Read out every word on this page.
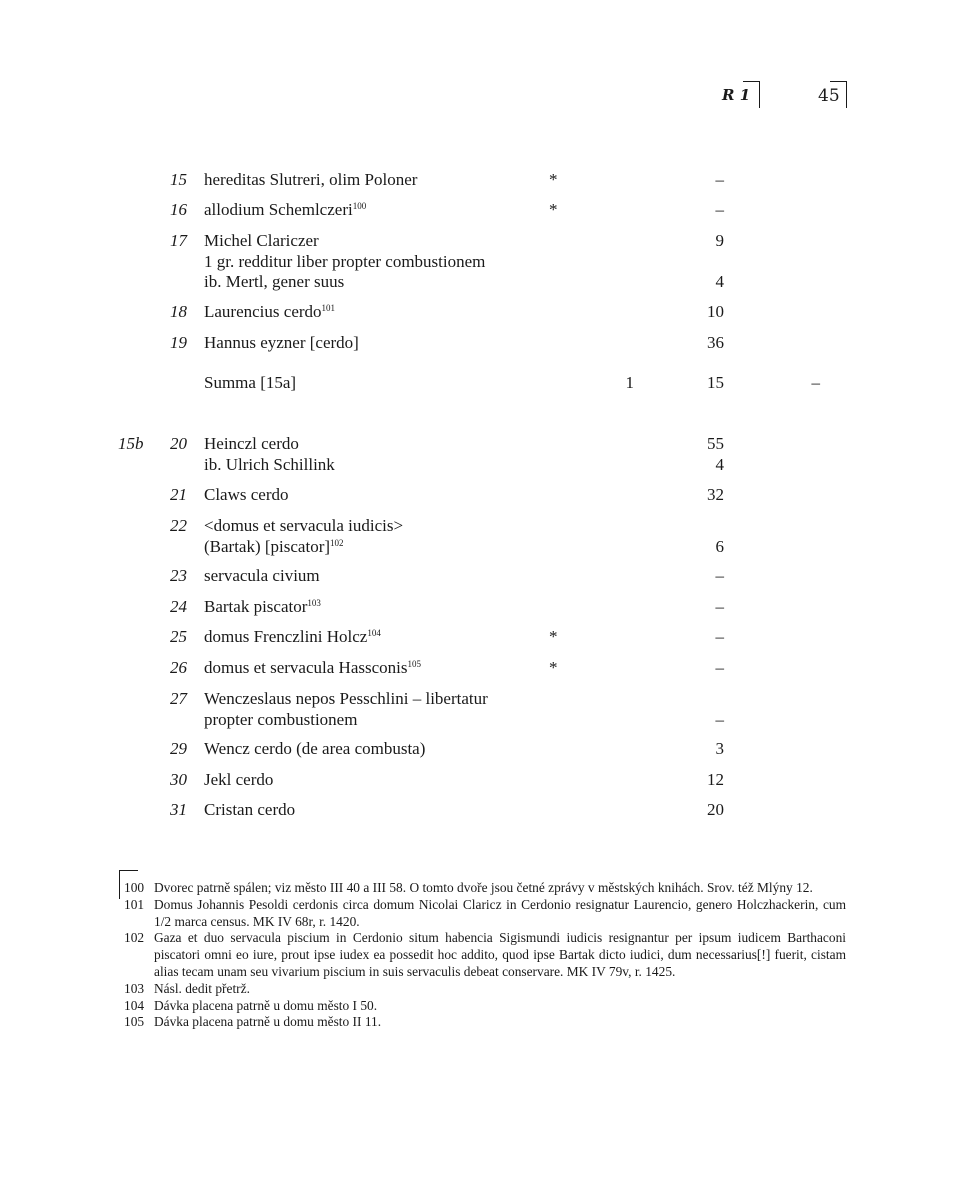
R 1	45
15 hereditas Slutreri, olim Poloner	*	–
16 allodium Schemlczeri$^{100}$	*	–
17 Michel Clariczer	9
1 gr. redditur liber propter combustionem
ib. Mertl, gener suus	4
18 Laurencius cerdo$^{101}$	10
19 Hannus eyzner [cerdo]	36
Summa [15a]	1	15	–
15b 20 Heinczl cerdo	55
ib. Ulrich Schillink	4
21 Claws cerdo	32
22 <domus et servacula iudicis>
(Bartak) [piscator]$^{102}$	6
23 servacula civium	–
24 Bartak piscator$^{103}$	–
25 domus Frenczlini Holcz$^{104}$	*	–
26 domus et servacula Hassconis$^{105}$	*	–
27 Wenczeslaus nepos Pesschlini – libertatur
propter combustionem	–
29 Wencz cerdo (de area combusta)	3
30 Jekl cerdo	12
31 Cristan cerdo	20
100 Dvorec patrně spálen; viz město III 40 a III 58. O tomto dvoře jsou četné zprávy v městských knihách. Srov. též Mlýny 12.
101 Domus Johannis Pesoldi cerdonis circa domum Nicolai Claricz in Cerdonio resignatur Laurencio, genero Holczhackerin, cum 1/2 marca census. MK IV 68r, r. 1420.
102 Gaza et duo servacula piscium in Cerdonio situm habencia Sigismundi iudicis resignantur per ipsum iudicem Barthaconi piscatori omni eo iure, prout ipse iudex ea possedit hoc addito, quod ipse Bartak dicto iudici, dum necessarius[!] fuerit, cistam alias tecam unam seu vivarium piscium in suis servaculis debeat conservare. MK IV 79v, r. 1425.
103 Násl. dedit přetrž.
104 Dávka placena patrně u domu město I 50.
105 Dávka placena patrně u domu město II 11.
